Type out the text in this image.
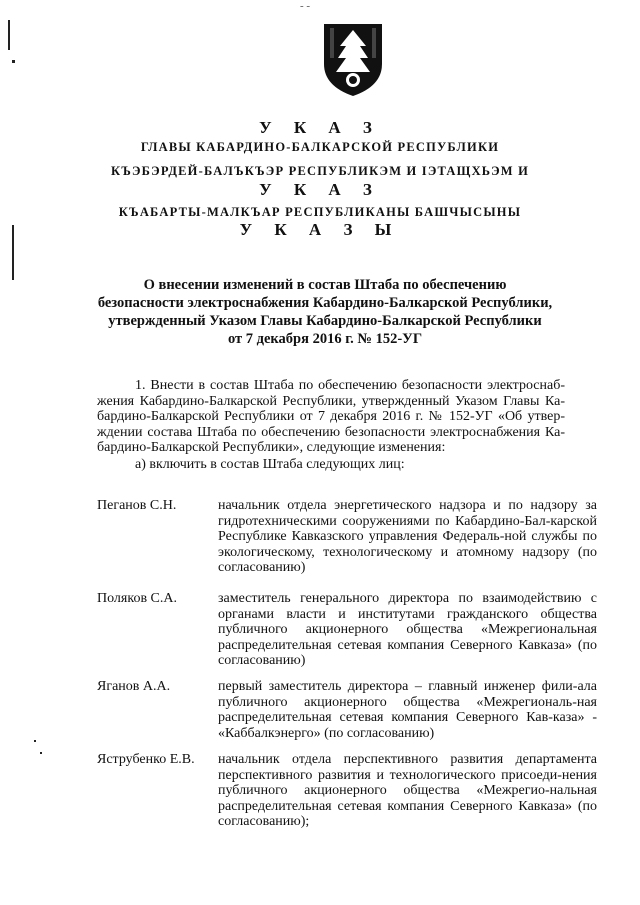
- -

У К А З

ГЛАВЫ КАБАРДИНО-БАЛКАРСКОЙ РЕСПУБЛИКИ

КЪЭБЭРДЕЙ-БАЛЪКЪЭР РЕСПУБЛИКЭМ И ІЭТАЩХЬЭМ И

У К А З

КЪАБАРТЫ-МАЛКЪАР РЕСПУБЛИКАНЫ БАШЧЫСЫНЫ

У К А З Ы

О внесении изменений в состав Штаба по обеспечению
безопасности электроснабжения Кабардино-Балкарской Республики,
утвержденный Указом Главы Кабардино-Балкарской Республики
от 7 декабря 2016 г. № 152-УГ

1. Внести в состав Штаба по обеспечению безопасности электроснаб-жения Кабардино-Балкарской Республики, утвержденный Указом Главы Ка-бардино-Балкарской Республики от 7 декабря 2016 г. № 152-УГ «Об утвер-ждении состава Штаба по обеспечению безопасности электроснабжения Ка-бардино-Балкарской Республики», следующие изменения:

а) включить в состав Штаба следующих лиц:

Пеганов С.Н.	начальник отдела энергетического надзора и по надзору за гидротехническими сооружениями по Кабардино-Бал-карской Республике Кавказского управления Федераль-ной службы по экологическому, технологическому и атомному надзору (по согласованию)

Поляков С.А.	заместитель генерального директора по взаимодействию с органами власти и институтами гражданского общества публичного акционерного общества «Межрегиональная распределительная сетевая компания Северного Кавказа» (по согласованию)

Яганов А.А.	первый заместитель директора – главный инженер фили-ала публичного акционерного общества «Межрегиональ-ная распределительная сетевая компания Северного Кав-каза» - «Каббалкэнерго» (по согласованию)

Яструбенко Е.В.	начальник отдела перспективного развития департамента перспективного развития и технологического присоеди-нения публичного акционерного общества «Межрегио-нальная распределительная сетевая компания Северного Кавказа» (по согласованию);
